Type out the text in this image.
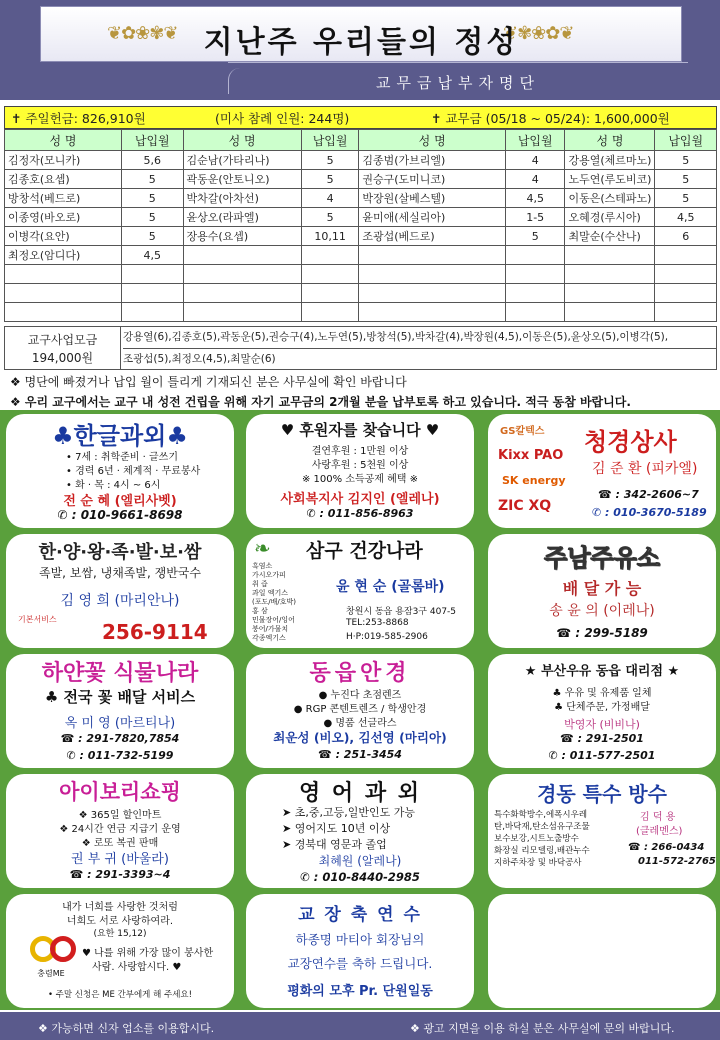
❦✿❀✾❦	❦✾❀✿❦
지난주 우리들의 정성
교무금납부자명단
✝ 주일헌금: 826,910원	(미사 참례 인원: 244명)	✝ 교무금 (05/18 ~ 05/24): 1,600,000원
성 명	납입월	성 명	납입월	성 명	납입월	성 명	납입월
김정자(모니카)	5,6	김순남(가타리나)	5	김종범(가브리엘)	4	강용열(체르마노)	5
김종호(요셉)	5	곽동운(안토니오)	5	권승구(도미니코)	4	노두연(루도비코)	5
방창석(베드로)	5	박차갈(아차선)	4	박장원(살베스텔)	4,5	이동은(스테파노)	5
이종영(바오로)	5	윤상오(라파엘)	5	윤미애(세실리아)	1-5	오혜경(루시아)	4,5
이병각(요안)	5	장용수(요셉)	10,11	조광섭(베드로)	5	최말순(수산나)	6
최정오(암디다)	4,5						

교구사업모금
194,000원
강용열(6),김종호(5),곽동운(5),권승구(4),노두연(5),방창석(5),박차갈(4),박장원(4,5),이동은(5),윤상오(5),이병각(5),
조광섭(5),최정오(4,5),최말순(6)
❖ 명단에 빠졌거나 납입 월이 틀리게 기재되신 분은 사무실에 확인 바랍니다
❖ 우리 교구에서는 교구 내 성전 건립을 위해 자기 교무금의 2개월 분을 납부토록 하고 있습니다. 적극 동참 바랍니다.
♣한글과외♣
• 7세 : 취학준비 · 글쓰기
• 경력 6년 · 체계적 · 무료봉사
• 화 · 목 : 4시 ~ 6시
전 순 혜 (엘리사벳)
✆ : 010-9661-8698
♥ 후원자를 찾습니다 ♥
결연후원 : 1만원 이상
사랑후원 : 5천원 이상
※ 100% 소득공제 혜택 ※
사회복지사 김지인 (엘레나)
✆ : 011-856-8963
GS칼텍스
Kixx PAO
SK energy
ZIC XQ
청경상사
김 준 환 (피카엘)
☎ : 342-2606~7
✆ : 010-3670-5189
한·양·왕·족·발·보·쌈
족발, 보쌈, 냉채족발, 쟁반국수
김 영 희 (마리안나)
기본서비스
256-9114
❧	삼구 건강나라
흑염소
가시오가피
취 즙
과일 엑기스
(포도/배/호박)
홍 삼
민물장어/잉어
붕어/가물치
각종엑기스
윤 현 순 (골롬바)
창원시 동읍 용잠3구 407-5
TEL:253-8868
H·P:019-585-2906
주남주유소
배 달 가 능
송 윤 의 (이레나)
☎ : 299-5189
하얀꽃 식물나라
♣ 전국 꽃 배달 서비스
옥 미 영 (마르티나)
☎ : 291-7820,7854
✆ : 011-732-5199
동읍안경
● 누진다 초점렌즈
● RGP 콘텐트렌즈 / 학생안경
● 명품 선글라스
최운성 (비오), 김선영 (마리아)
☎ : 251-3454
★ 부산우유 동읍 대리점 ★
♣ 우유 및 유제품 일체
♣ 단체주문, 가정배달
박영자 (비비나)
☎ : 291-2501
✆ : 011-577-2501
아이보리쇼핑
❖ 365일 할인마트
❖ 24시간 연금 지급기 운영
❖ 로또 복권 판매
권 부 귀 (바울라)
☎ : 291-3393~4
영 어 과 외
➤ 초,중,고등,일반인도 가능
➤ 영어지도 10년 이상
➤ 경북대 영문과 졸업
최혜원 (알레나)
✆ : 010-8440-2985
경동 특수 방수
특수화학방수,에폭시우레
탄,바닥재,탄소섬유구조물
보수보강,시트노출방수
화장실 리모델링,배관누수
지하주차장 및 바닥공사
김 덕 용
(클레멘스)
☎ : 266-0434
011-572-2765
내가 너희를 사랑한 것처럼
너희도 서로 사랑하여라.
(요한 15,12)
충렴ME
♥ 나를 위해 가장 많이 봉사한
사람. 사랑합시다. ♥
• 주말 신청은 ME 간부에게 해 주세요!
교 장 축 연 수
하종명 마티아 회장님의
교장연수를 축하 드립니다.
평화의 모후 Pr. 단원일동
❖ 가능하면 신자 업소를 이용합시다.	❖ 광고 지면을 이용 하실 분은 사무실에 문의 바랍니다.
